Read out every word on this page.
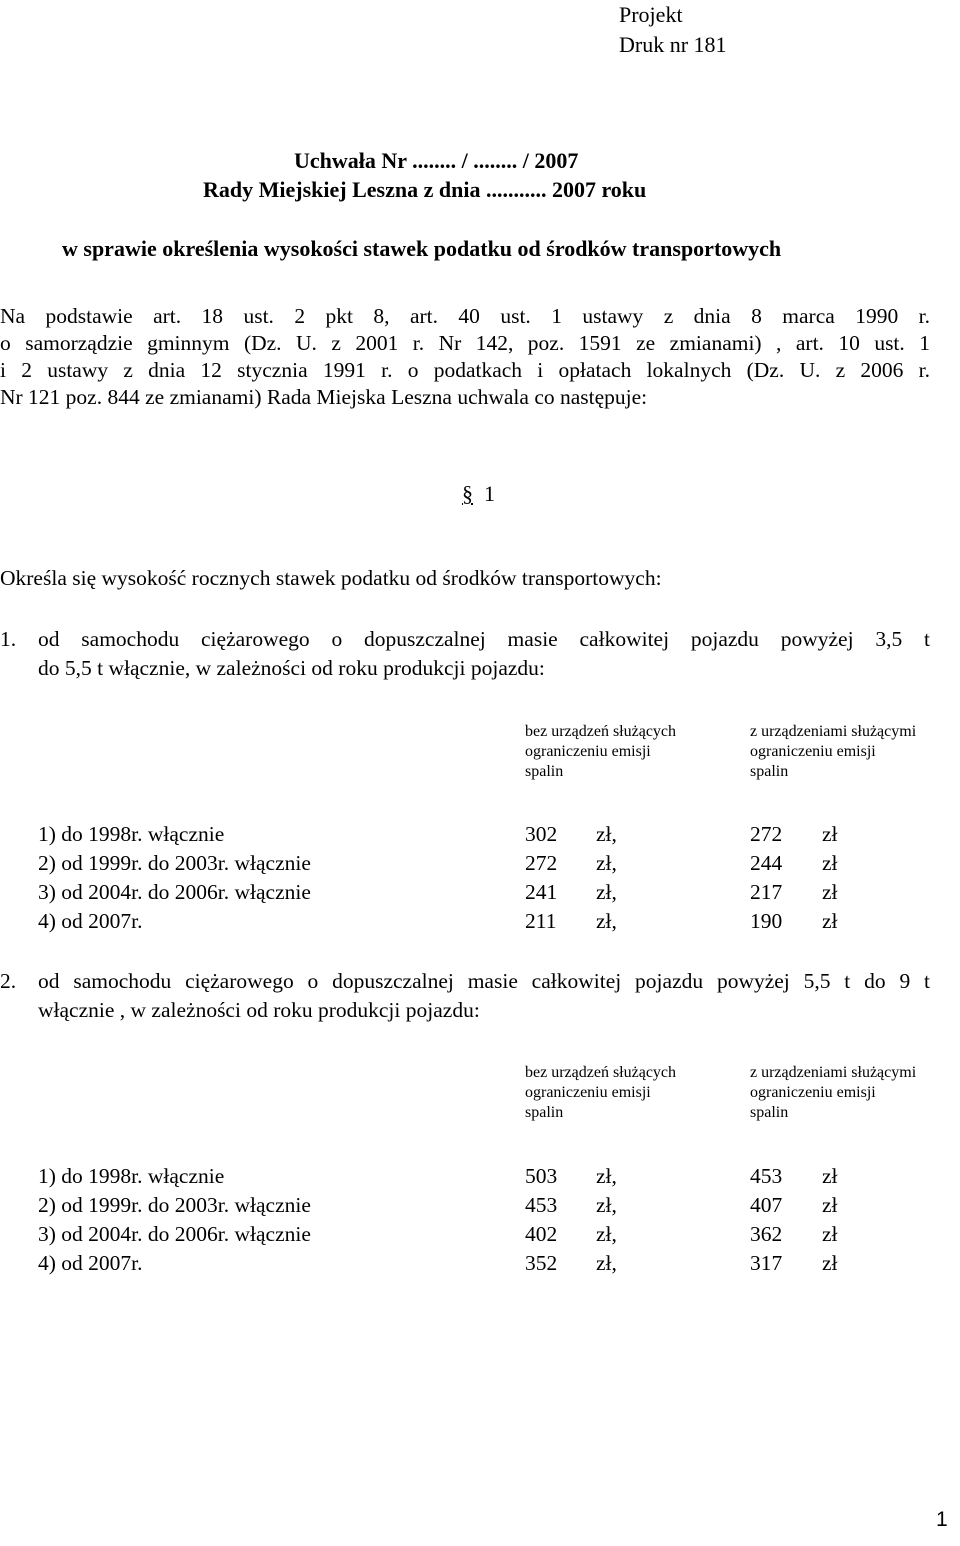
Projekt
Druk nr 181
Uchwała Nr ........ / ........ / 2007
Rady Miejskiej Leszna z dnia ........... 2007 roku
w sprawie określenia wysokości stawek podatku od środków transportowych
Na podstawie art. 18 ust. 2 pkt 8, art. 40 ust. 1 ustawy z dnia 8 marca 1990 r.
o samorządzie gminnym (Dz. U. z 2001 r. Nr 142, poz. 1591 ze zmianami) , art. 10 ust. 1
i 2 ustawy z dnia 12 stycznia 1991 r. o podatkach i opłatach lokalnych (Dz. U. z 2006 r.
Nr 121 poz. 844 ze zmianami) Rada Miejska Leszna uchwala co następuje:
§ 1
Określa się wysokość rocznych stawek podatku od środków transportowych:
1. od samochodu ciężarowego o dopuszczalnej masie całkowitej pojazdu powyżej 3,5 t
do 5,5 t włącznie, w zależności od roku produkcji pojazdu:
bez urządzeń służących
ograniczeniu emisji
spalin
z urządzeniami służącymi
ograniczeniu emisji
spalin
1) do 1998r. włącznie	302 zł,	272 zł
2) od 1999r. do 2003r. włącznie	272 zł,	244 zł
3) od 2004r. do 2006r. włącznie	241 zł,	217 zł
4) od 2007r.	211 zł,	190 zł
2. od samochodu ciężarowego o dopuszczalnej masie całkowitej pojazdu powyżej 5,5 t do 9 t
włącznie , w zależności od roku produkcji pojazdu:
bez urządzeń służących
ograniczeniu emisji
spalin
z urządzeniami służącymi
ograniczeniu emisji
spalin
1) do 1998r. włącznie	503 zł,	453 zł
2) od 1999r. do 2003r. włącznie	453 zł,	407 zł
3) od 2004r. do 2006r. włącznie	402 zł,	362 zł
4) od 2007r.	352 zł,	317 zł
1
